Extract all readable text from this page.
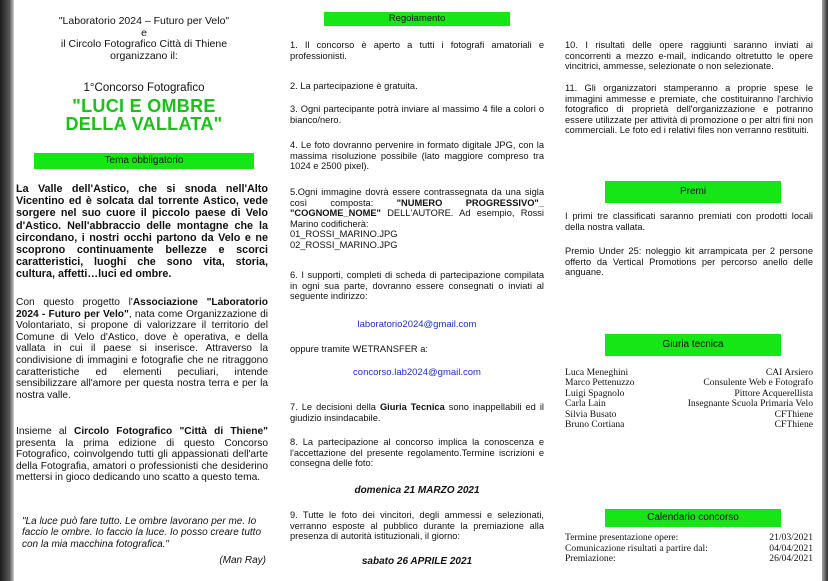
"Laboratorio 2024 – Futuro per Velo"
e
il Circolo Fotografico Città di Thiene
organizzano il:
1°Concorso Fotografico
"LUCI E OMBRE
DELLA VALLATA"
Tema obbligatorio

La Valle dell'Astico, che si snoda nell'Alto Vicentino ed è solcata dal torrente Astico, vede sorgere nel suo cuore il piccolo paese di Velo d'Astico. Nell'abbraccio delle montagne che la circondano, i nostri occhi partono da Velo e ne scoprono continuamente bellezze e scorci caratteristici, luoghi che sono vita, storia, cultura, affetti…luci ed ombre.

Con questo progetto l'Associazione "Laboratorio 2024 - Futuro per Velo", nata come Organizzazione di Volontariato, si propone di valorizzare il territorio del Comune di Velo d'Astico, dove è operativa, e della vallata in cui il paese si inserisce. Attraverso la condivisione di immagini e fotografie che ne ritraggono caratteristiche ed elementi peculiari, intende sensibilizzare all'amore per questa nostra terra e per la nostra valle.

Insieme al Circolo Fotografico "Città di Thiene" presenta la prima edizione di questo Concorso Fotografico, coinvolgendo tutti gli appassionati dell'arte della Fotografia, amatori o professionisti che desiderino mettersi in gioco dedicando uno scatto a questo tema.

"La luce può fare tutto. Le ombre lavorano per me. Io faccio le ombre. Io faccio la luce. Io posso creare tutto con la mia macchina fotografica."

(Man Ray)

Regolamento

1. Il concorso è aperto a tutti i fotografi amatoriali e professionisti.

2. La partecipazione è gratuita.

3. Ogni partecipante potrà inviare al massimo 4 file a colori o bianco/nero.

4. Le foto dovranno pervenire in formato digitale JPG, con la massima risoluzione possibile (lato maggiore compreso tra 1024 e 2500 pixel).

5.Ogni immagine dovrà essere contrassegnata da una sigla così composta: "NUMERO PROGRESSIVO"_ "COGNOME_NOME" DELL'AUTORE. Ad esempio, Rossi Marino codificherà:
01_ROSSI_MARINO.JPG
02_ROSSI_MARINO.JPG

6. I supporti, completi di scheda di partecipazione compilata in ogni sua parte, dovranno essere consegnati o inviati al seguente indirizzo:

laboratorio2024@gmail.com

oppure tramite WETRANSFER a:

concorso.lab2024@gmail.com

7. Le decisioni della Giuria Tecnica sono inappellabili ed il giudizio insindacabile.

8. La partecipazione al concorso implica la conoscenza e l'accettazione del presente regolamento.Termine iscrizioni e consegna delle foto:

domenica 21 MARZO 2021

9. Tutte le foto dei vincitori, degli ammessi e selezionati, verranno esposte al pubblico durante la premiazione alla presenza di autorità istituzionali, il giorno:

sabato 26 APRILE 2021

10. I risultati delle opere raggiunti saranno inviati ai concorrenti a mezzo e-mail, indicando oltretutto le opere vincitrici, ammesse, selezionate o non selezionate.

11. Gli organizzatori stamperanno a proprie spese le immagini ammesse e premiate, che costituiranno l'archivio fotografico di proprietà dell'organizzazione e potranno essere utilizzate per attività di promozione o per altri fini non commerciali. Le foto ed i relativi files non verranno restituiti.

Premi

I primi tre classificati saranno premiati con prodotti locali della nostra vallata.

Premio Under 25: noleggio kit arrampicata per 2 persone offerto da Vertical Promotions per percorso anello delle anguane.

Giuria tecnica
Luca Meneghini	CAI Arsiero
Marco Pettenuzzo	Consulente Web e Fotografo
Luigi Spagnolo	Pittore Acquerellista
Carla Lain	Insegnante Scuola Primaria Velo
Silvia Busato	CFThiene
Bruno Cortiana	CFThiene
Calendario concorso
Termine presentazione opere:	21/03/2021
Comunicazione risultati a partire dal:	04/04/2021
Premiazione:	26/04/2021
